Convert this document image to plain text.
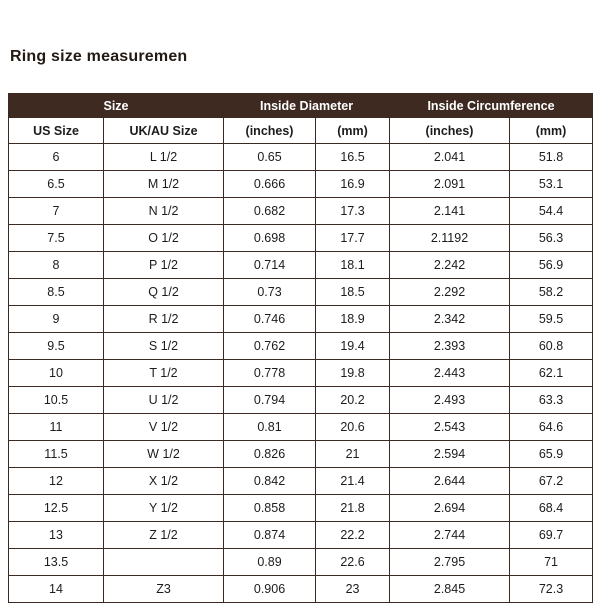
Ring size measuremen
Size		Inside Diameter		Inside Circumference	
US Size	UK/AU Size	(inches)	(mm)	(inches)	(mm)
6	L 1/2	0.65	16.5	2.041	51.8
6.5	M 1/2	0.666	16.9	2.091	53.1
7	N 1/2	0.682	17.3	2.141	54.4
7.5	O 1/2	0.698	17.7	2.1192	56.3
8	P 1/2	0.714	18.1	2.242	56.9
8.5	Q 1/2	0.73	18.5	2.292	58.2
9	R 1/2	0.746	18.9	2.342	59.5
9.5	S 1/2	0.762	19.4	2.393	60.8
10	T 1/2	0.778	19.8	2.443	62.1
10.5	U 1/2	0.794	20.2	2.493	63.3
11	V 1/2	0.81	20.6	2.543	64.6
11.5	W 1/2	0.826	21	2.594	65.9
12	X 1/2	0.842	21.4	2.644	67.2
12.5	Y 1/2	0.858	21.8	2.694	68.4
13	Z 1/2	0.874	22.2	2.744	69.7
13.5		0.89	22.6	2.795	71
14	Z3	0.906	23	2.845	72.3
